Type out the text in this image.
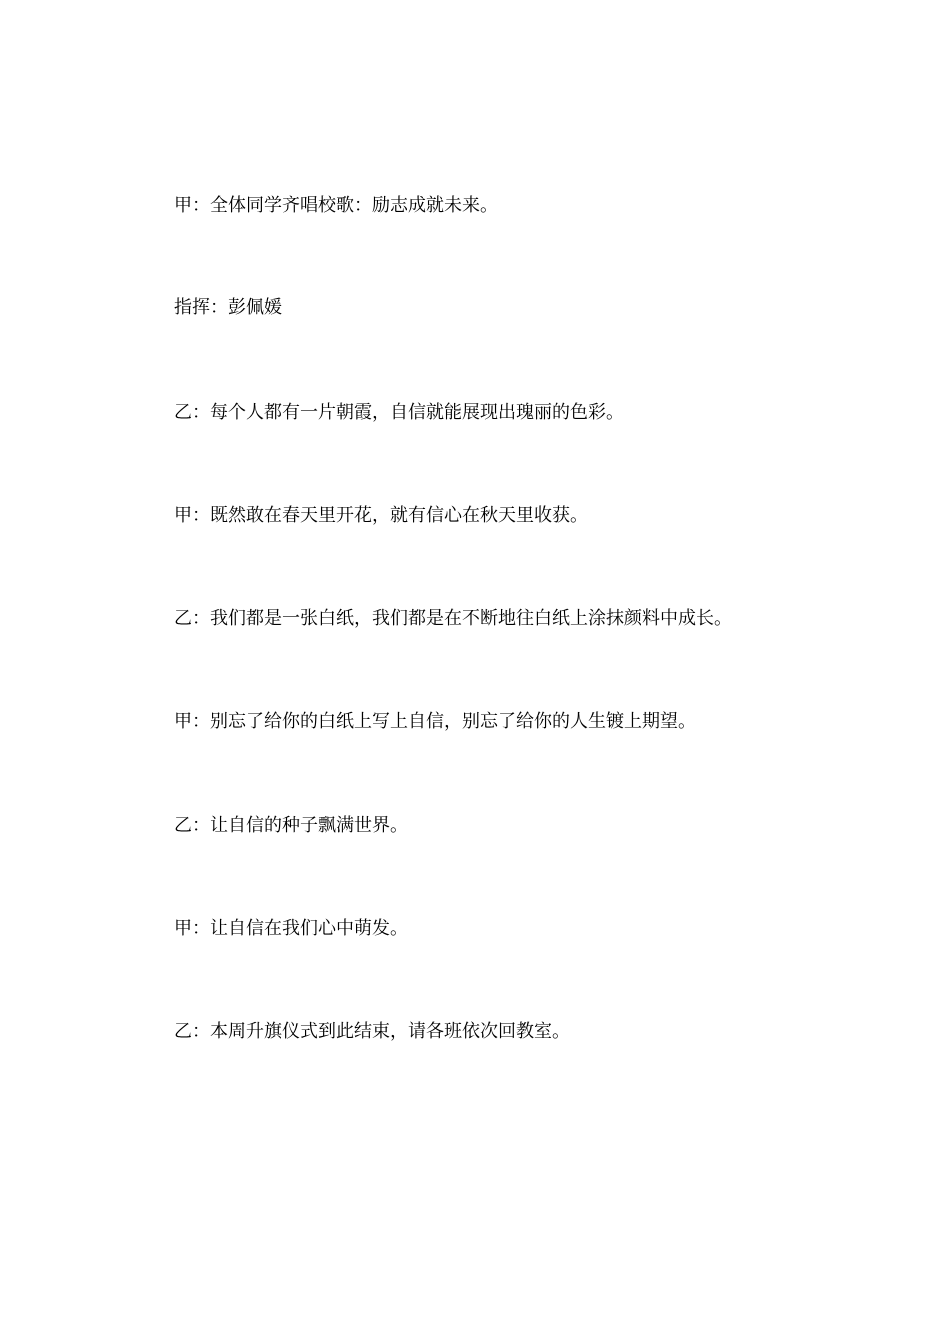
甲：全体同学齐唱校歌：励志成就未来。
指挥：彭佩媛
乙：每个人都有一片朝霞，自信就能展现出瑰丽的色彩。
甲：既然敢在春天里开花，就有信心在秋天里收获。
乙：我们都是一张白纸，我们都是在不断地往白纸上涂抹颜料中成长。
甲：别忘了给你的白纸上写上自信，别忘了给你的人生镀上期望。
乙：让自信的种子飘满世界。
甲：让自信在我们心中萌发。
乙：本周升旗仪式到此结束，请各班依次回教室。
